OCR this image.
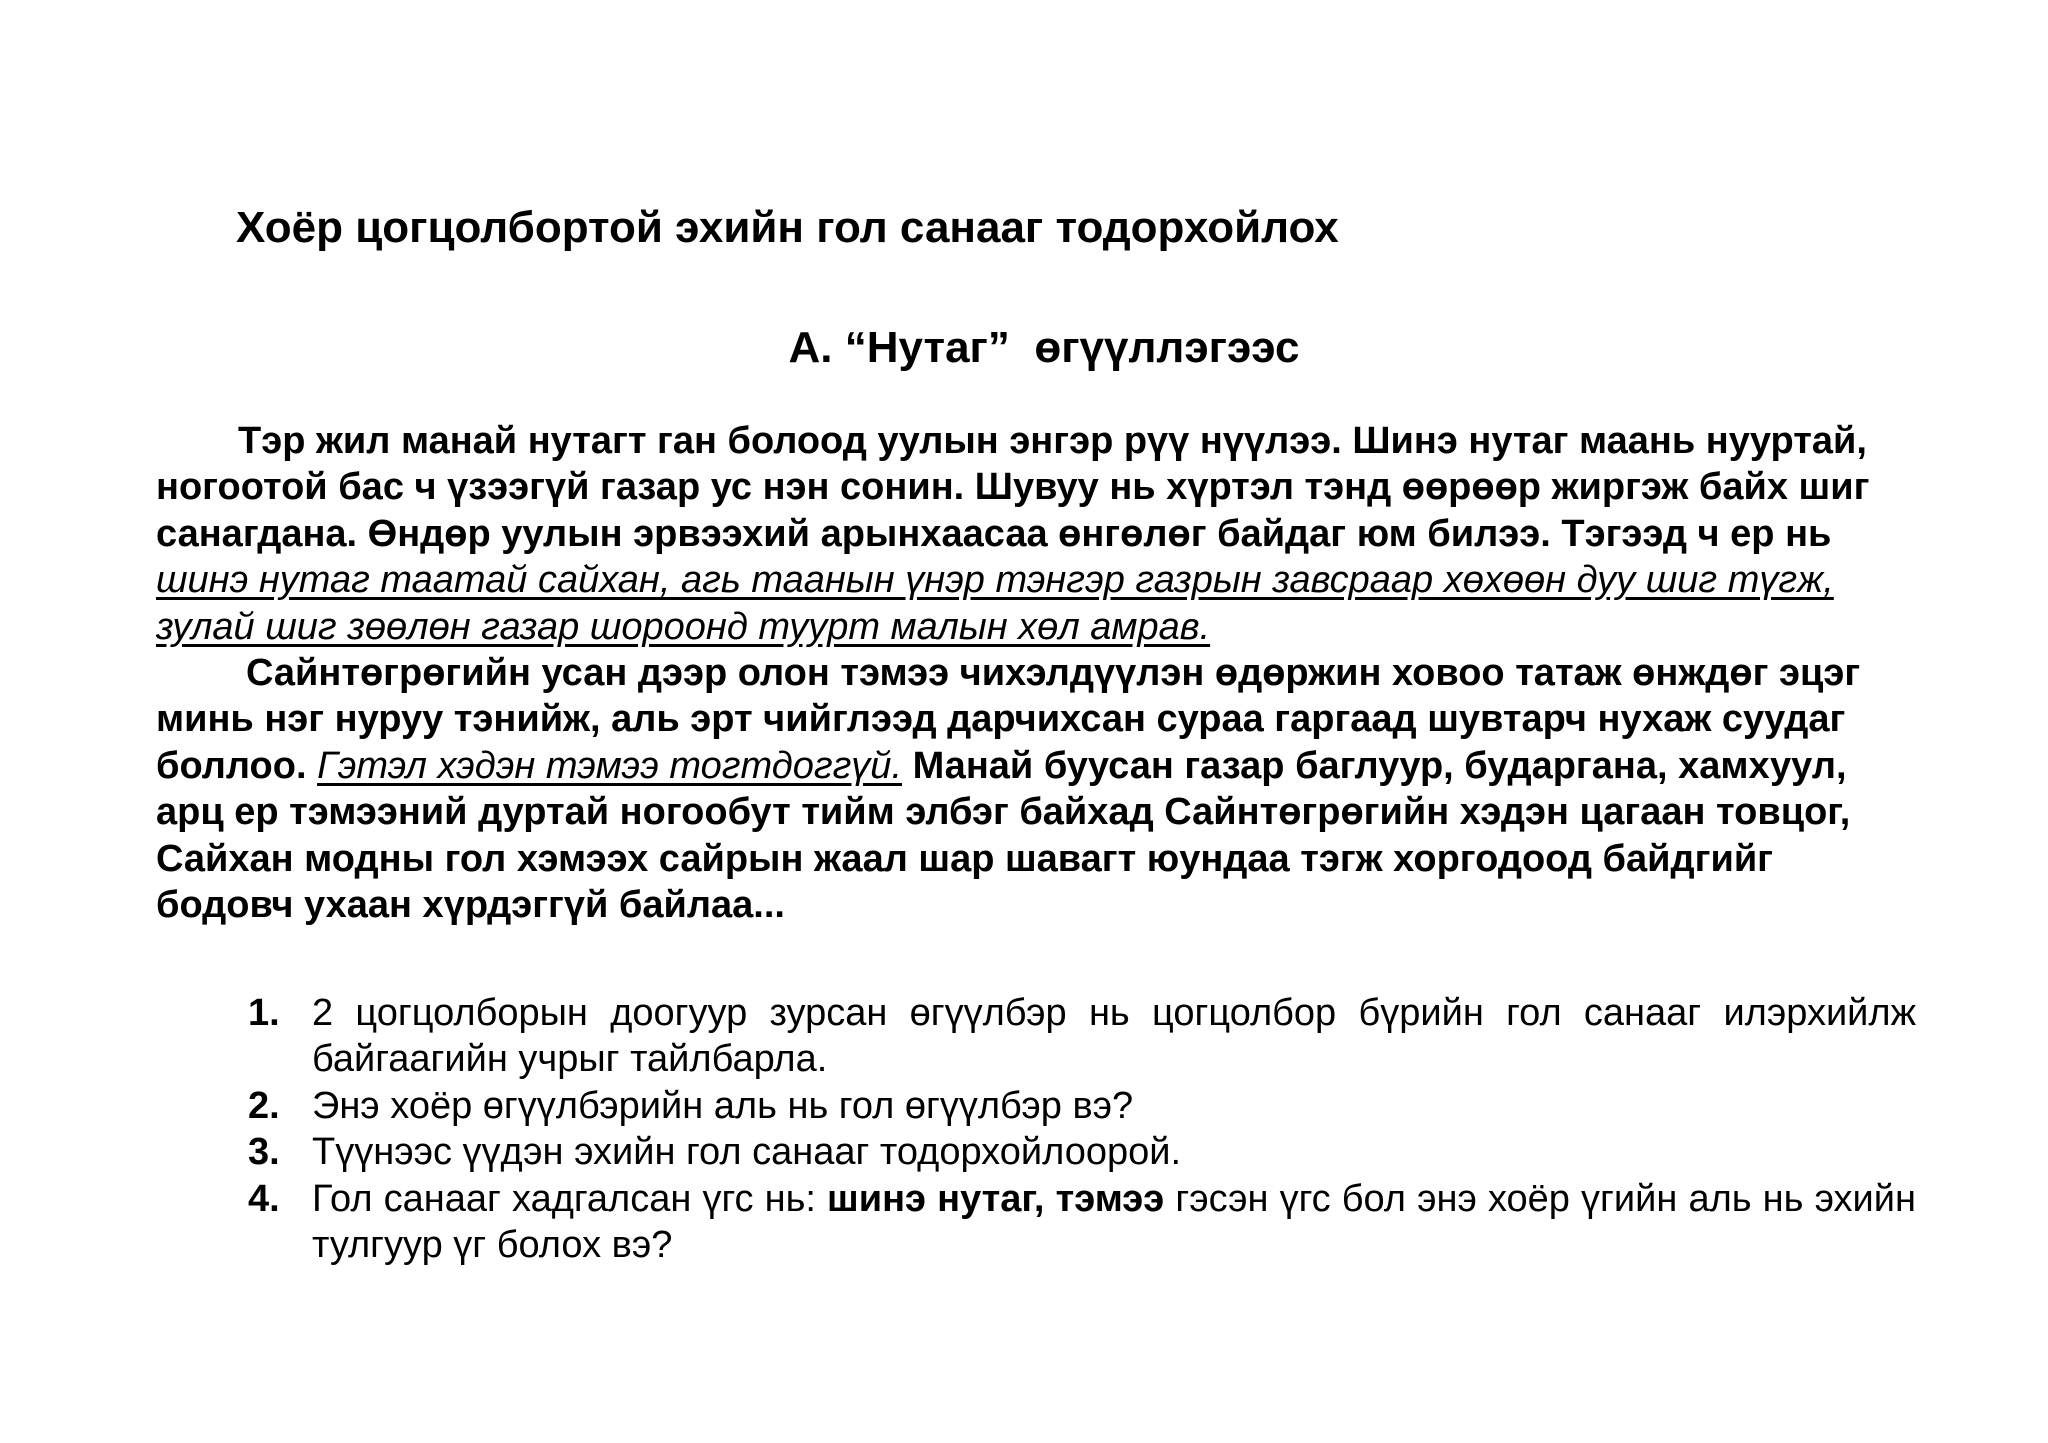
Хоёр цогцолбортой эхийн гол санааг тодорхойлох
А. “Нутаг”  өгүүллэгээс

Тэр жил манай нутагт ган болоод уулын энгэр рүү нүүлээ. Шинэ нутаг маань нууртай, ногоотой бас ч үзээгүй газар ус нэн сонин. Шувуу нь хүртэл тэнд өөрөөр жиргэж байх шиг санагдана. Өндөр уулын эрвээхий арынхаасаа өнгөлөг байдаг юм билээ. Тэгээд ч ер нь шинэ нутаг таатай сайхан, агь таанын үнэр тэнгэр газрын завсраар хөхөөн дуу шиг түгж, зулай шиг зөөлөн газар шороонд туурт малын хөл амрав.

Сайнтөгрөгийн усан дээр олон тэмээ чихэлдүүлэн өдөржин ховоо татаж өнждөг эцэг минь нэг нуруу тэнийж, аль эрт чийглээд дарчихсан сураа гаргаад шувтарч нухаж суудаг боллоо. Гэтэл хэдэн тэмээ тогтдоггүй. Манай буусан газар баглуур, бударгана, хамхуул, арц ер тэмээний дуртай ногообут тийм элбэг байхад Сайнтөгрөгийн хэдэн цагаан товцог, Сайхан модны гол хэмээх сайрын жаал шар шавагт юундаа тэгж хоргодоод байдгийг бодовч ухаан хүрдэггүй байлаа...

1. 2 цогцолборын доогуур зурсан өгүүлбэр нь цогцолбор бүрийн гол санааг илэрхийлж байгаагийн учрыг тайлбарла.
2. Энэ хоёр өгүүлбэрийн аль нь гол өгүүлбэр вэ?
3. Түүнээс үүдэн эхийн гол санааг тодорхойлоорой.
4. Гол санааг хадгалсан үгс нь: шинэ нутаг, тэмээ гэсэн үгс бол энэ хоёр үгийн аль нь эхийн тулгуур үг болох вэ?
